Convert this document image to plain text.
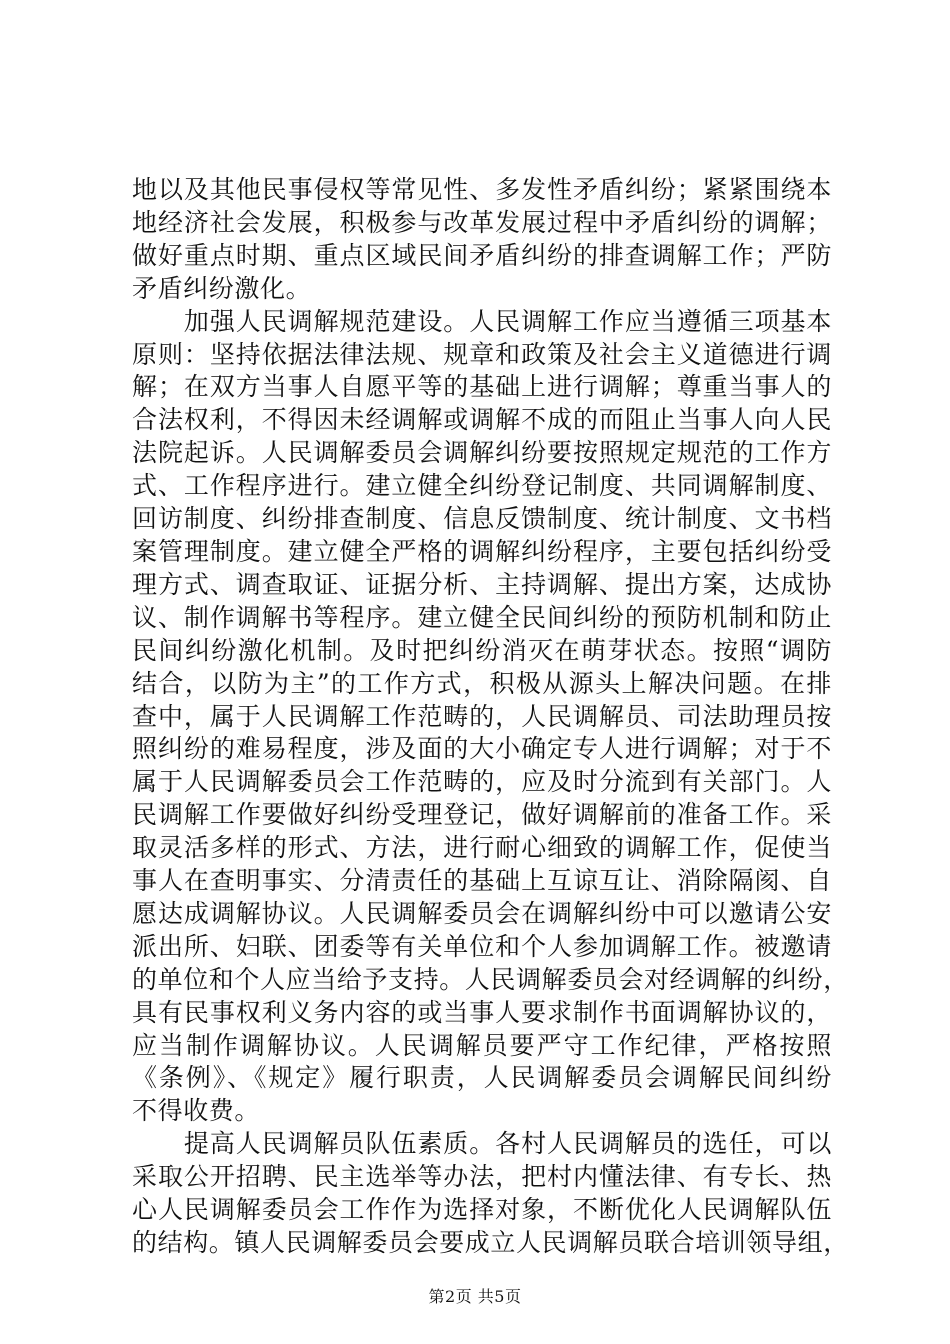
地以及其他民事侵权等常见性、多发性矛盾纠纷；紧紧围绕本
地经济社会发展，积极参与改革发展过程中矛盾纠纷的调解；
做好重点时期、重点区域民间矛盾纠纷的排查调解工作；严防
矛盾纠纷激化。
　　加强人民调解规范建设。人民调解工作应当遵循三项基本
原则：坚持依据法律法规、规章和政策及社会主义道德进行调
解；在双方当事人自愿平等的基础上进行调解；尊重当事人的
合法权利，不得因未经调解或调解不成的而阻止当事人向人民
法院起诉。人民调解委员会调解纠纷要按照规定规范的工作方
式、工作程序进行。建立健全纠纷登记制度、共同调解制度、
回访制度、纠纷排查制度、信息反馈制度、统计制度、文书档
案管理制度。建立健全严格的调解纠纷程序，主要包括纠纷受
理方式、调查取证、证据分析、主持调解、提出方案，达成协
议、制作调解书等程序。建立健全民间纠纷的预防机制和防止
民间纠纷激化机制。及时把纠纷消灭在萌芽状态。按照“调防
结合，以防为主”的工作方式，积极从源头上解决问题。在排
查中，属于人民调解工作范畴的，人民调解员、司法助理员按
照纠纷的难易程度，涉及面的大小确定专人进行调解；对于不
属于人民调解委员会工作范畴的，应及时分流到有关部门。人
民调解工作要做好纠纷受理登记，做好调解前的准备工作。采
取灵活多样的形式、方法，进行耐心细致的调解工作，促使当
事人在查明事实、分清责任的基础上互谅互让、消除隔阂、自
愿达成调解协议。人民调解委员会在调解纠纷中可以邀请公安
派出所、妇联、团委等有关单位和个人参加调解工作。被邀请
的单位和个人应当给予支持。人民调解委员会对经调解的纠纷，
具有民事权利义务内容的或当事人要求制作书面调解协议的，
应当制作调解协议。人民调解员要严守工作纪律，严格按照
《条例》、《规定》履行职责，人民调解委员会调解民间纠纷
不得收费。
　　提高人民调解员队伍素质。各村人民调解员的选任，可以
采取公开招聘、民主选举等办法，把村内懂法律、有专长、热
心人民调解委员会工作作为选择对象，不断优化人民调解队伍
的结构。镇人民调解委员会要成立人民调解员联合培训领导组，
第2页 共5页
